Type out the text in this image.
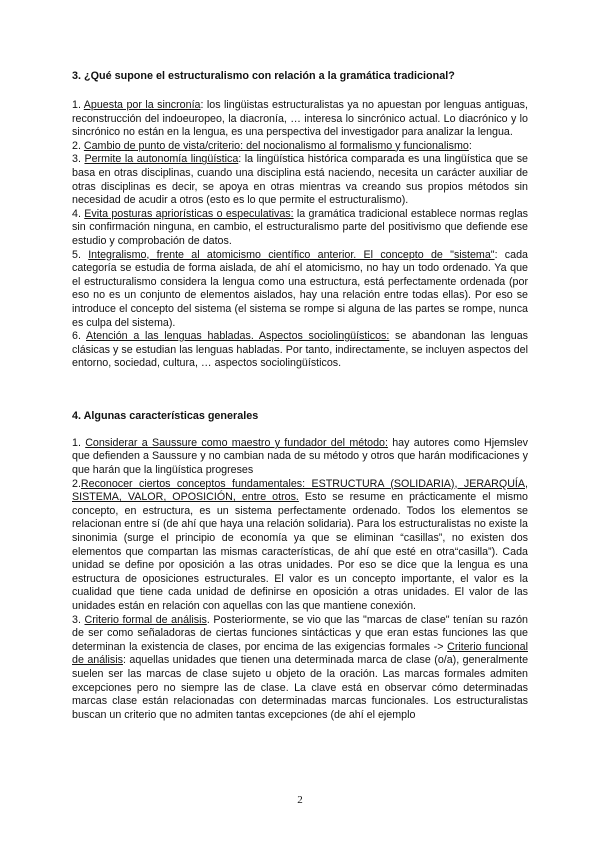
3. ¿Qué supone el estructuralismo con relación a la gramática tradicional?

1. Apuesta por la sincronía: los lingüistas estructuralistas ya no apuestan por lenguas antiguas, reconstrucción del indoeuropeo, la diacronía, … interesa lo sincrónico actual. Lo diacrónico y lo sincrónico no están en la lengua, es una perspectiva del investigador para analizar la lengua.

2. Cambio de punto de vista/criterio: del nocionalismo al formalismo y funcionalismo:

3. Permite la autonomía lingüística: la lingüística histórica comparada es una lingüística que se basa en otras disciplinas, cuando una disciplina está naciendo, necesita un carácter auxiliar de otras disciplinas es decir, se apoya en otras mientras va creando sus propios métodos sin necesidad de acudir a otros (esto es lo que permite el estructuralismo).

4. Evita posturas apriorísticas o especulativas: la gramática tradicional establece normas reglas sin confirmación ninguna, en cambio, el estructuralismo parte del positivismo que defiende ese estudio y comprobación de datos.

5. Integralismo, frente al atomicismo científico anterior. El concepto de "sistema": cada categoría se estudia de forma aislada, de ahí el atomicismo, no hay un todo ordenado. Ya que el estructuralismo considera la lengua como una estructura, está perfectamente ordenada (por eso no es un conjunto de elementos aislados, hay una relación entre todas ellas). Por eso se introduce el concepto del sistema (el sistema se rompe si alguna de las partes se rompe, nunca es culpa del sistema).

6. Atención a las lenguas habladas. Aspectos sociolingüísticos: se abandonan las lenguas clásicas y se estudian las lenguas habladas. Por tanto, indirectamente, se incluyen aspectos del entorno, sociedad, cultura, … aspectos sociolingüísticos.

4. Algunas características generales

1. Considerar a Saussure como maestro y fundador del método: hay autores como Hjemslev que defienden a Saussure y no cambian nada de su método y otros que harán modificaciones y que harán que la lingüística progreses

2.Reconocer ciertos conceptos fundamentales: ESTRUCTURA (SOLIDARIA), JERARQUÍA, SISTEMA, VALOR, OPOSICIÓN, entre otros. Esto se resume en prácticamente el mismo concepto, en estructura, es un sistema perfectamente ordenado. Todos los elementos se relacionan entre sí (de ahí que haya una relación solidaria). Para los estructuralistas no existe la sinonimia (surge el principio de economía ya que se eliminan “casillas”, no existen dos elementos que compartan las mismas características, de ahí que esté en otra“casilla”). Cada unidad se define por oposición a las otras unidades. Por eso se dice que la lengua es una estructura de oposiciones estructurales. El valor es un concepto importante, el valor es la cualidad que tiene cada unidad de definirse en oposición a otras unidades. El valor de las unidades están en relación con aquellas con las que mantiene conexión.

3. Criterio formal de análisis. Posteriormente, se vio que las "marcas de clase" tenían su razón de ser como señaladoras de ciertas funciones sintácticas y que eran estas funciones las que determinan la existencia de clases, por encima de las exigencias formales -> Criterio funcional de análisis: aquellas unidades que tienen una determinada marca de clase (o/a), generalmente suelen ser las marcas de clase sujeto u objeto de la oración. Las marcas formales admiten excepciones pero no siempre las de clase. La clave está en observar cómo determinadas marcas clase están relacionadas con determinadas marcas funcionales. Los estructuralistas buscan un criterio que no admiten tantas excepciones (de ahí el ejemplo

2
